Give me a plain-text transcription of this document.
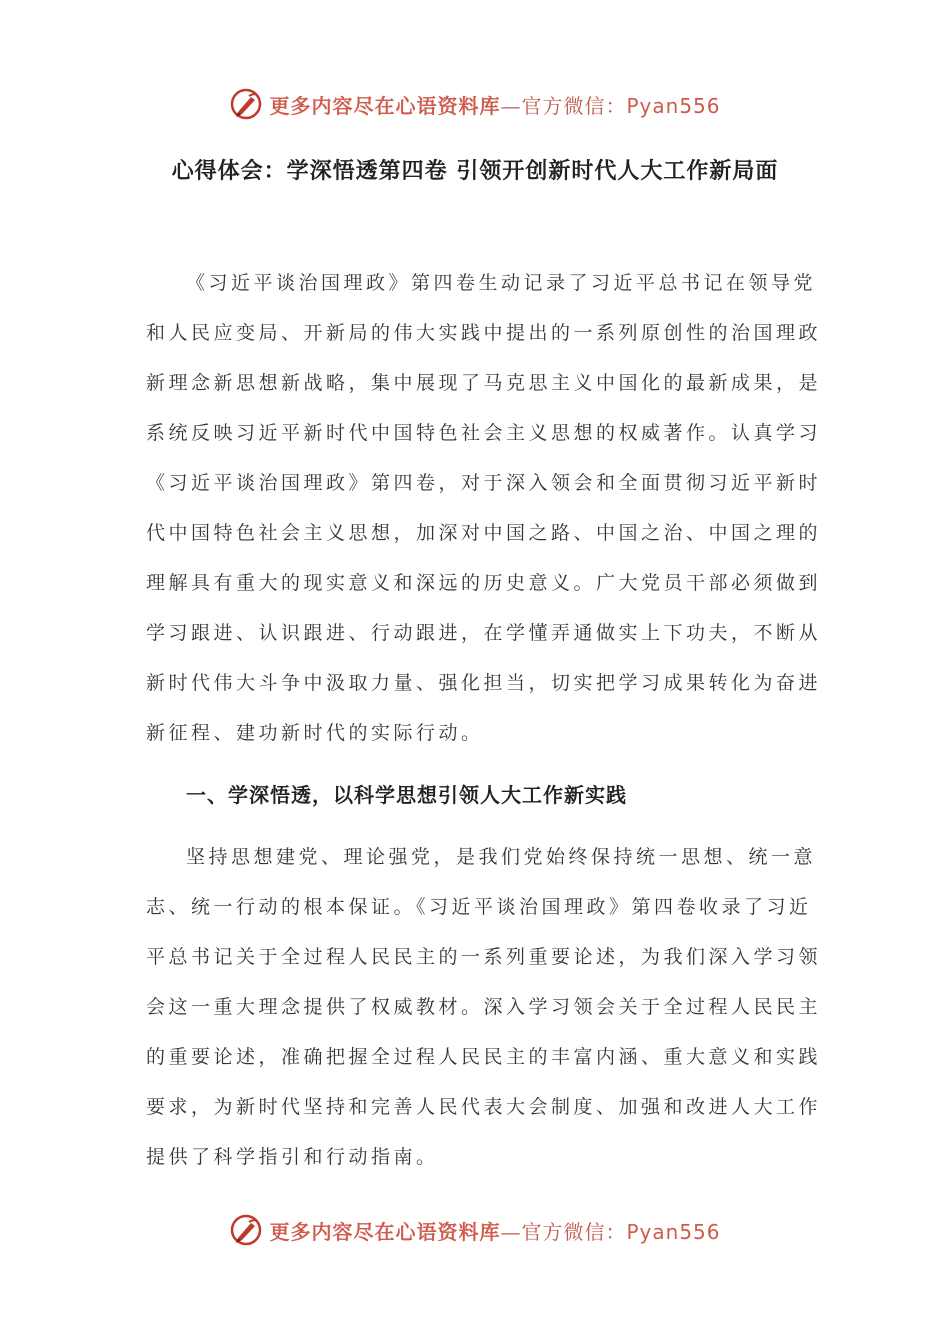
更多内容尽在心语资料库—官方微信：Pyan556
心得体会：学深悟透第四卷 引领开创新时代人大工作新局面

《习近平谈治国理政》第四卷生动记录了习近平总书记在领导党和人民应变局、开新局的伟大实践中提出的一系列原创性的治国理政新理念新思想新战略，集中展现了马克思主义中国化的最新成果，是系统反映习近平新时代中国特色社会主义思想的权威著作。认真学习《习近平谈治国理政》第四卷，对于深入领会和全面贯彻习近平新时代中国特色社会主义思想，加深对中国之路、中国之治、中国之理的理解具有重大的现实意义和深远的历史意义。广大党员干部必须做到学习跟进、认识跟进、行动跟进，在学懂弄通做实上下功夫，不断从新时代伟大斗争中汲取力量、强化担当，切实把学习成果转化为奋进新征程、建功新时代的实际行动。

一、学深悟透，以科学思想引领人大工作新实践

坚持思想建党、理论强党，是我们党始终保持统一思想、统一意志、统一行动的根本保证。《习近平谈治国理政》第四卷收录了习近平总书记关于全过程人民民主的一系列重要论述，为我们深入学习领会这一重大理念提供了权威教材。深入学习领会关于全过程人民民主的重要论述，准确把握全过程人民民主的丰富内涵、重大意义和实践要求，为新时代坚持和完善人民代表大会制度、加强和改进人大工作提供了科学指引和行动指南。

更多内容尽在心语资料库—官方微信：Pyan556
